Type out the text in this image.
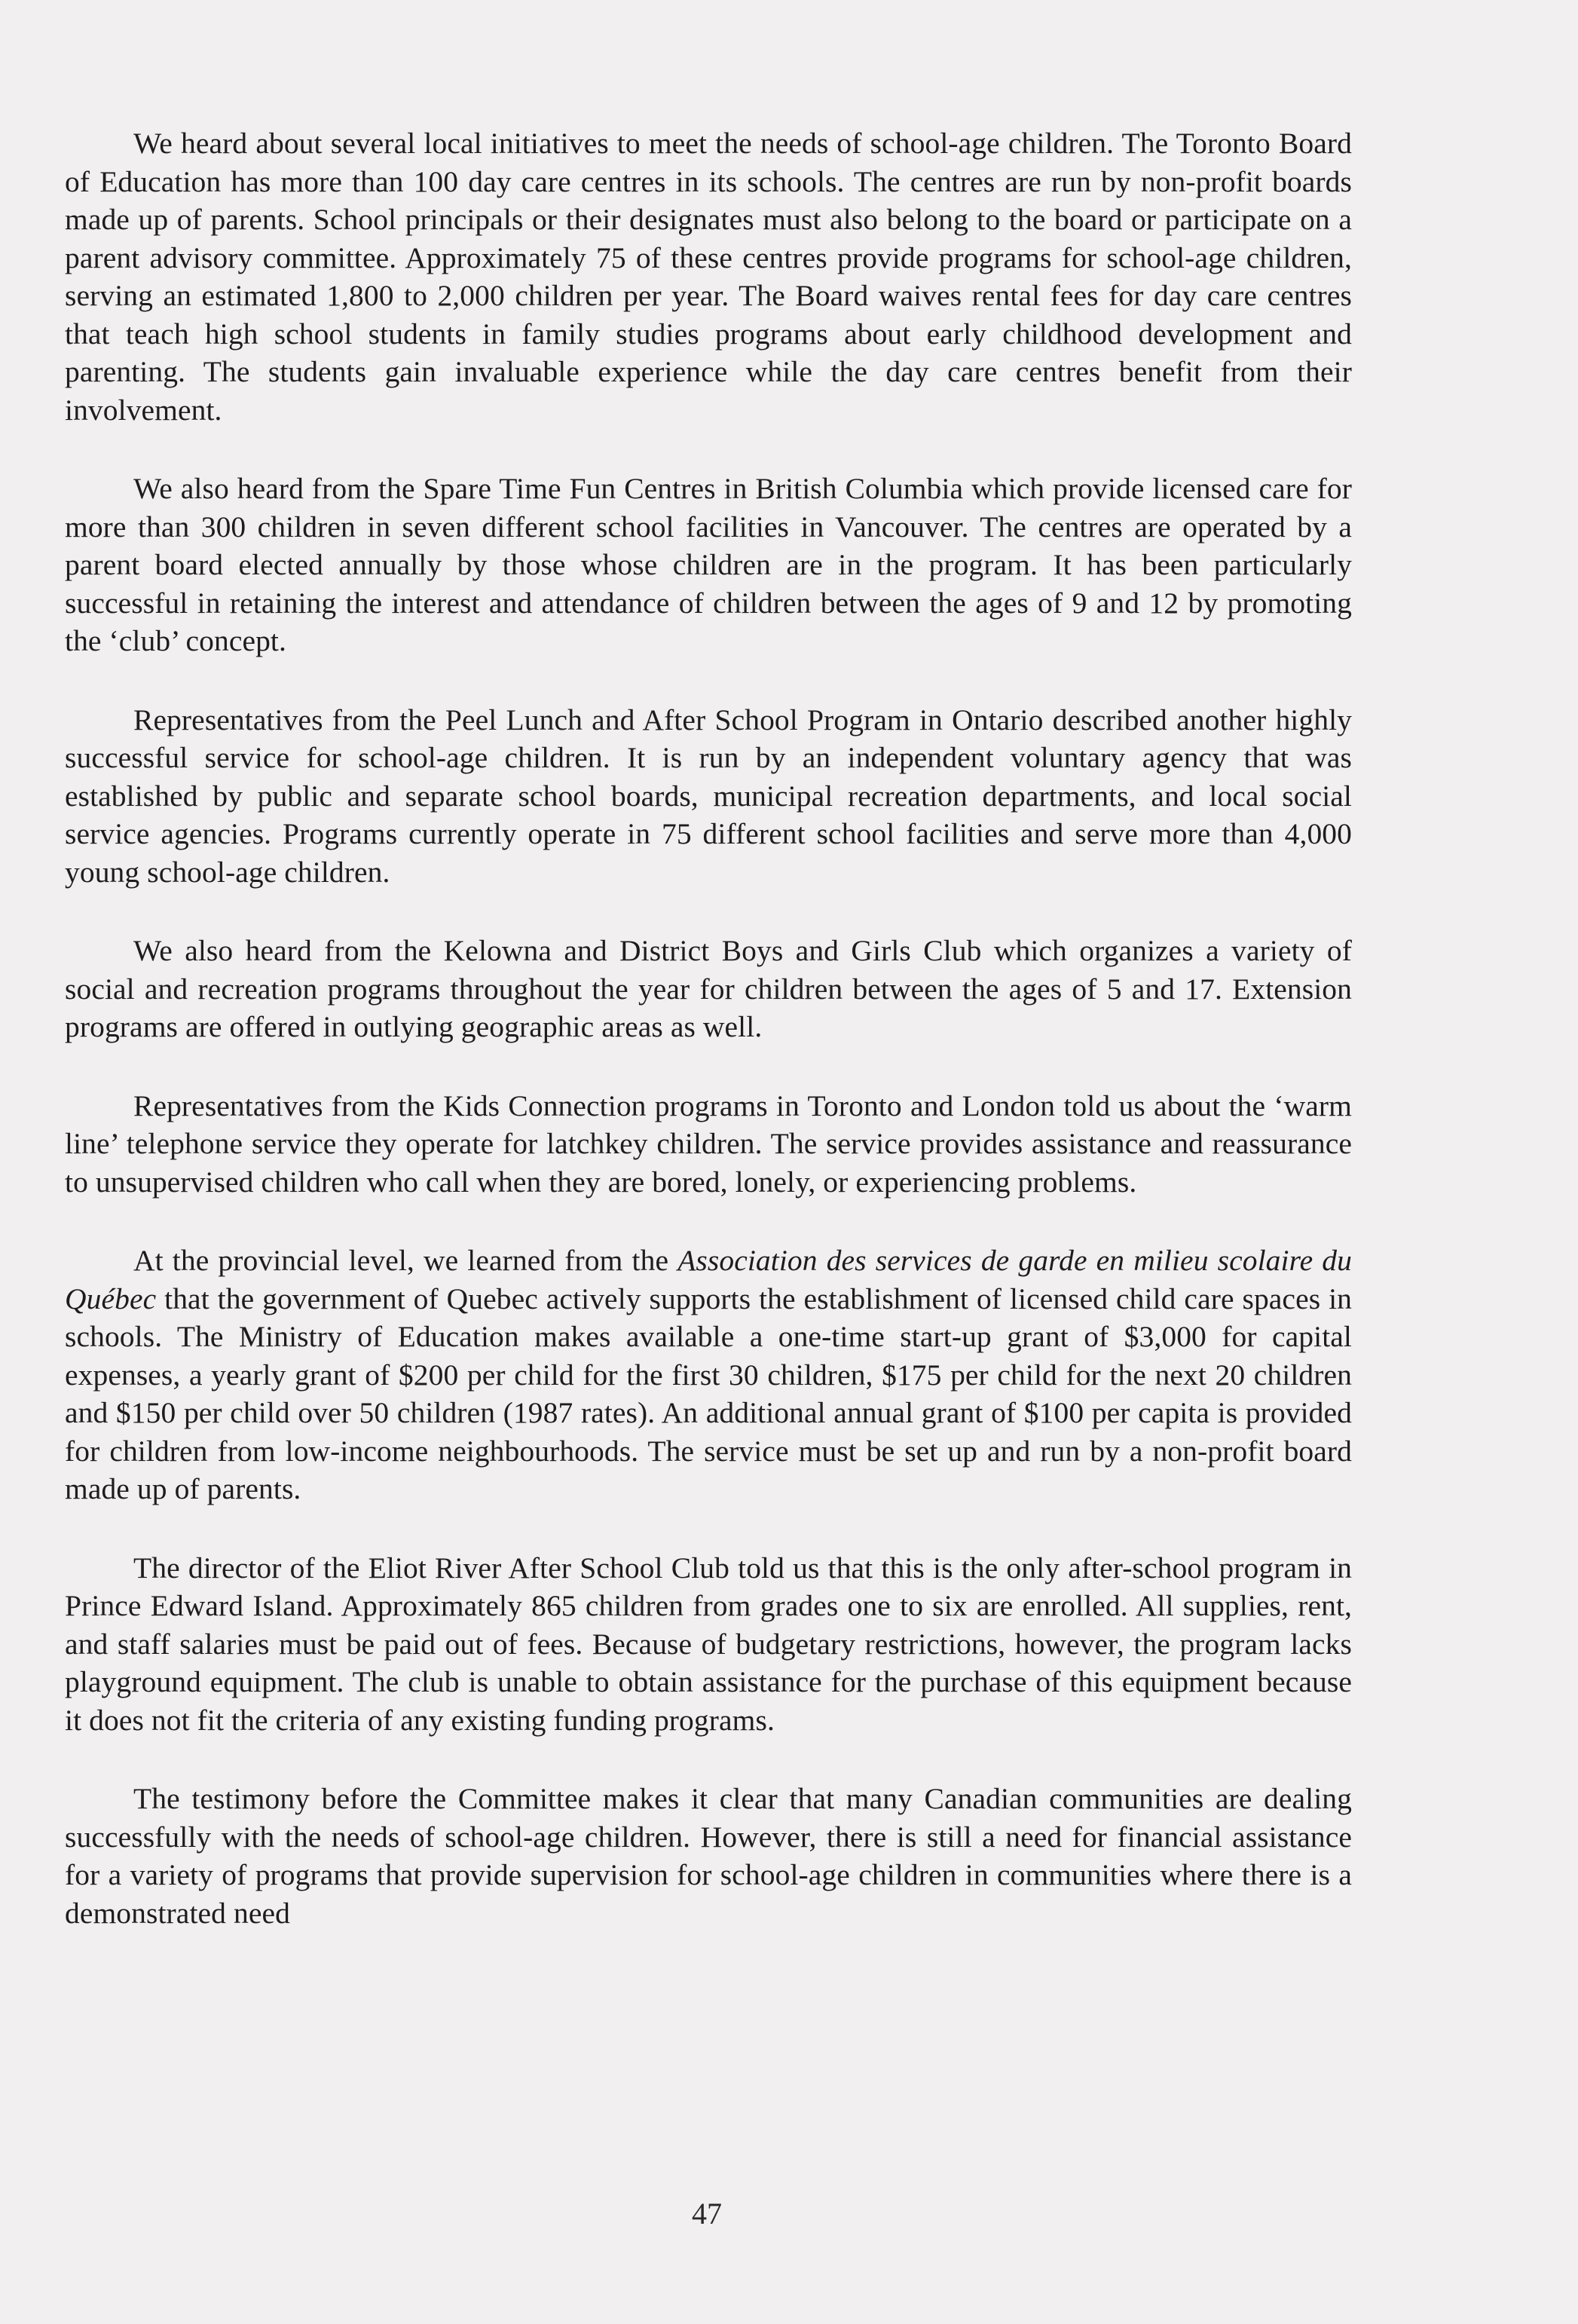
We heard about several local initiatives to meet the needs of school-age children. The Toronto Board of Education has more than 100 day care centres in its schools. The centres are run by non-profit boards made up of parents. School principals or their designates must also belong to the board or participate on a parent advisory committee. Approximately 75 of these centres provide programs for school-age children, serving an estimated 1,800 to 2,000 children per year. The Board waives rental fees for day care centres that teach high school students in family studies programs about early childhood development and parenting. The students gain invaluable experience while the day care centres benefit from their involvement.

We also heard from the Spare Time Fun Centres in British Columbia which provide licensed care for more than 300 children in seven different school facilities in Vancouver. The centres are operated by a parent board elected annually by those whose children are in the program. It has been particularly successful in retaining the interest and attendance of children between the ages of 9 and 12 by promoting the ‘club’ concept.

Representatives from the Peel Lunch and After School Program in Ontario described another highly successful service for school-age children. It is run by an independent voluntary agency that was established by public and separate school boards, municipal recreation departments, and local social service agencies. Programs currently operate in 75 different school facilities and serve more than 4,000 young school-age children.

We also heard from the Kelowna and District Boys and Girls Club which organizes a variety of social and recreation programs throughout the year for children between the ages of 5 and 17. Extension programs are offered in outlying geographic areas as well.

Representatives from the Kids Connection programs in Toronto and London told us about the ‘warm line’ telephone service they operate for latchkey children. The service provides assistance and reassurance to unsupervised children who call when they are bored, lonely, or experiencing problems.

At the provincial level, we learned from the Association des services de garde en milieu scolaire du Québec that the government of Quebec actively supports the establishment of licensed child care spaces in schools. The Ministry of Education makes available a one-time start-up grant of $3,000 for capital expenses, a yearly grant of $200 per child for the first 30 children, $175 per child for the next 20 children and $150 per child over 50 children (1987 rates). An additional annual grant of $100 per capita is provided for children from low-income neighbourhoods. The service must be set up and run by a non-profit board made up of parents.

The director of the Eliot River After School Club told us that this is the only after-school program in Prince Edward Island. Approximately 865 children from grades one to six are enrolled. All supplies, rent, and staff salaries must be paid out of fees. Because of budgetary restrictions, however, the program lacks playground equipment. The club is unable to obtain assistance for the purchase of this equipment because it does not fit the criteria of any existing funding programs.

The testimony before the Committee makes it clear that many Canadian communities are dealing successfully with the needs of school-age children. However, there is still a need for financial assistance for a variety of programs that provide supervision for school-age children in communities where there is a demonstrated need

47
